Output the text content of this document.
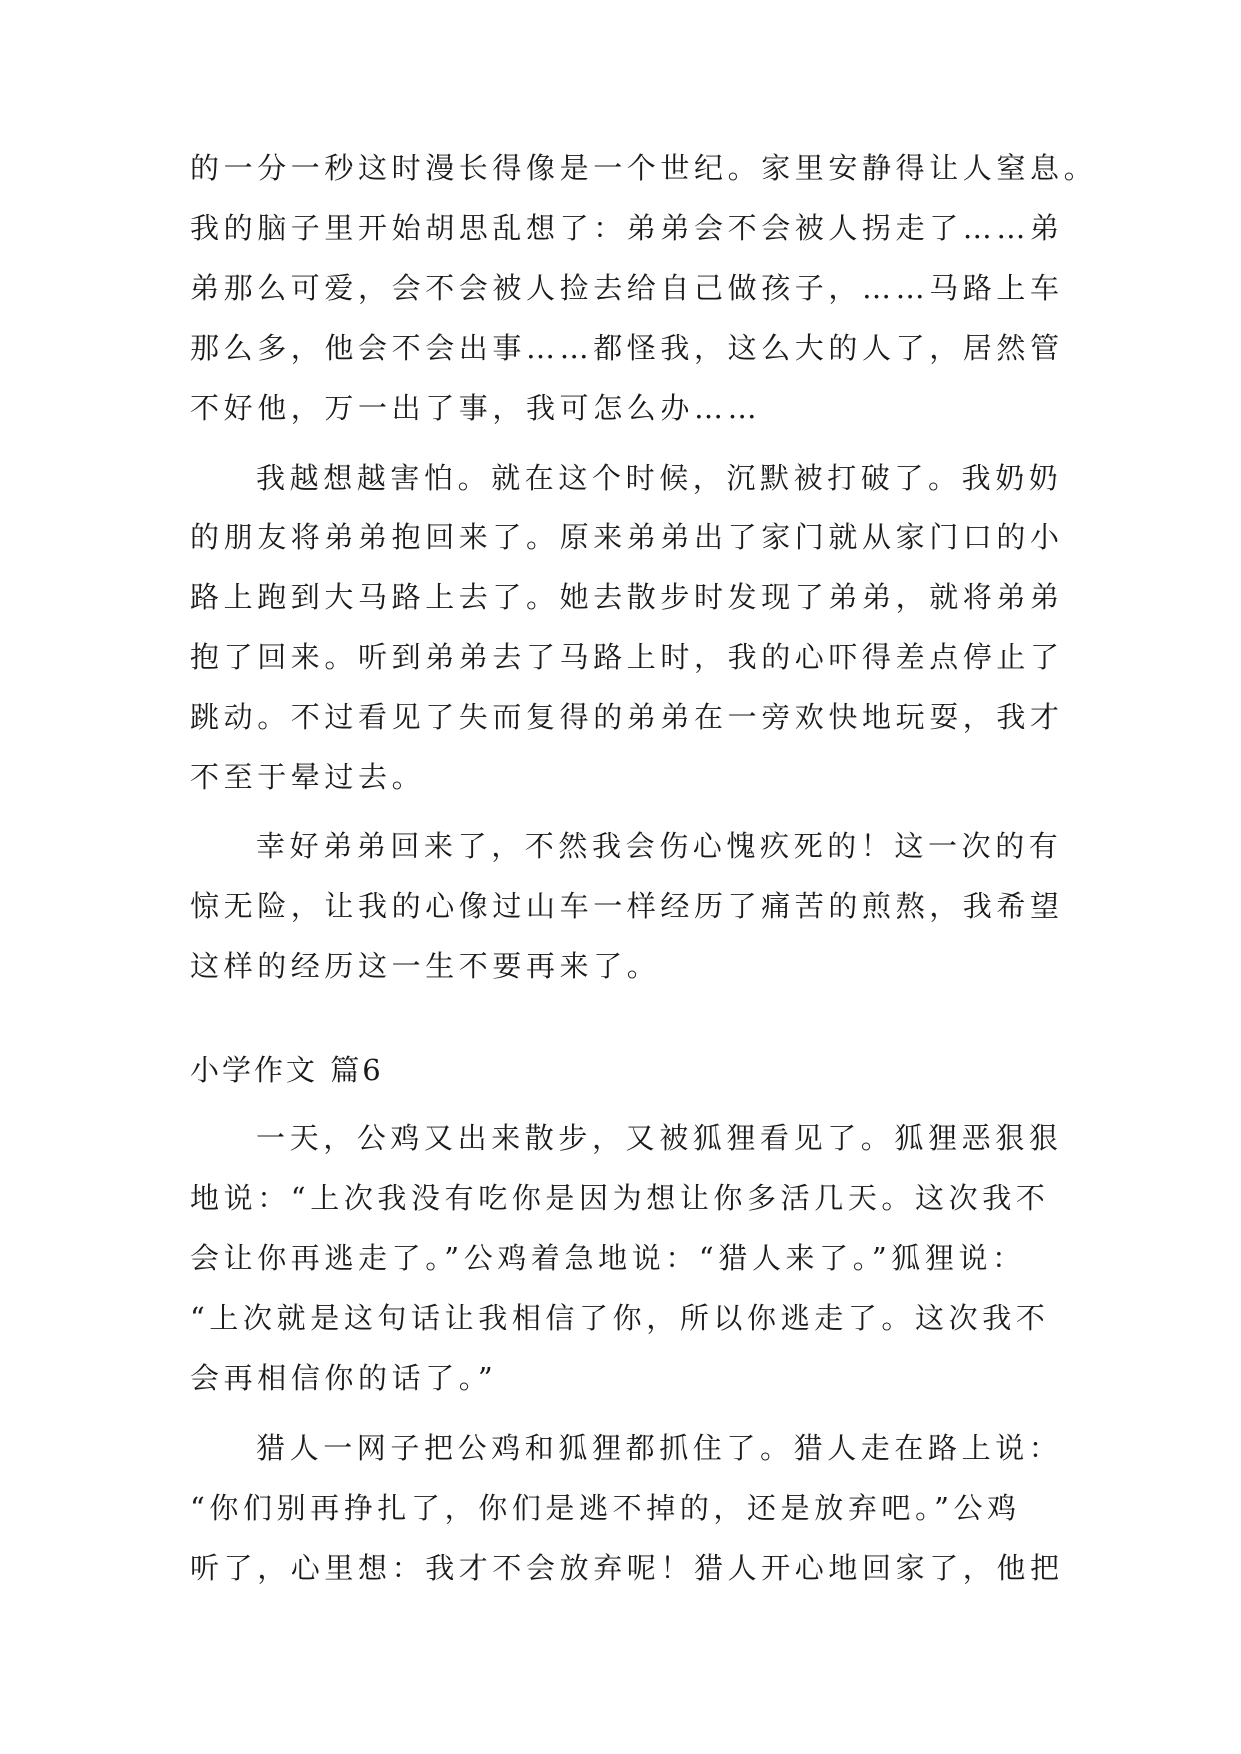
的一分一秒这时漫长得像是一个世纪。家里安静得让人窒息。
我的脑子里开始胡思乱想了：弟弟会不会被人拐走了……弟
弟那么可爱，会不会被人捡去给自己做孩子，……马路上车
那么多，他会不会出事……都怪我，这么大的人了，居然管
不好他，万一出了事，我可怎么办……
我越想越害怕。就在这个时候，沉默被打破了。我奶奶
的朋友将弟弟抱回来了。原来弟弟出了家门就从家门口的小
路上跑到大马路上去了。她去散步时发现了弟弟，就将弟弟
抱了回来。听到弟弟去了马路上时，我的心吓得差点停止了
跳动。不过看见了失而复得的弟弟在一旁欢快地玩耍，我才
不至于晕过去。
幸好弟弟回来了，不然我会伤心愧疚死的！这一次的有
惊无险，让我的心像过山车一样经历了痛苦的煎熬，我希望
这样的经历这一生不要再来了。
小学作文 篇6
一天，公鸡又出来散步，又被狐狸看见了。狐狸恶狠狠
地说：“上次我没有吃你是因为想让你多活几天。这次我不
会让你再逃走了。”公鸡着急地说：“猎人来了。”狐狸说：
“上次就是这句话让我相信了你，所以你逃走了。这次我不
会再相信你的话了。”
猎人一网子把公鸡和狐狸都抓住了。猎人走在路上说：
“你们别再挣扎了，你们是逃不掉的，还是放弃吧。”公鸡
听了，心里想：我才不会放弃呢！猎人开心地回家了，他把
